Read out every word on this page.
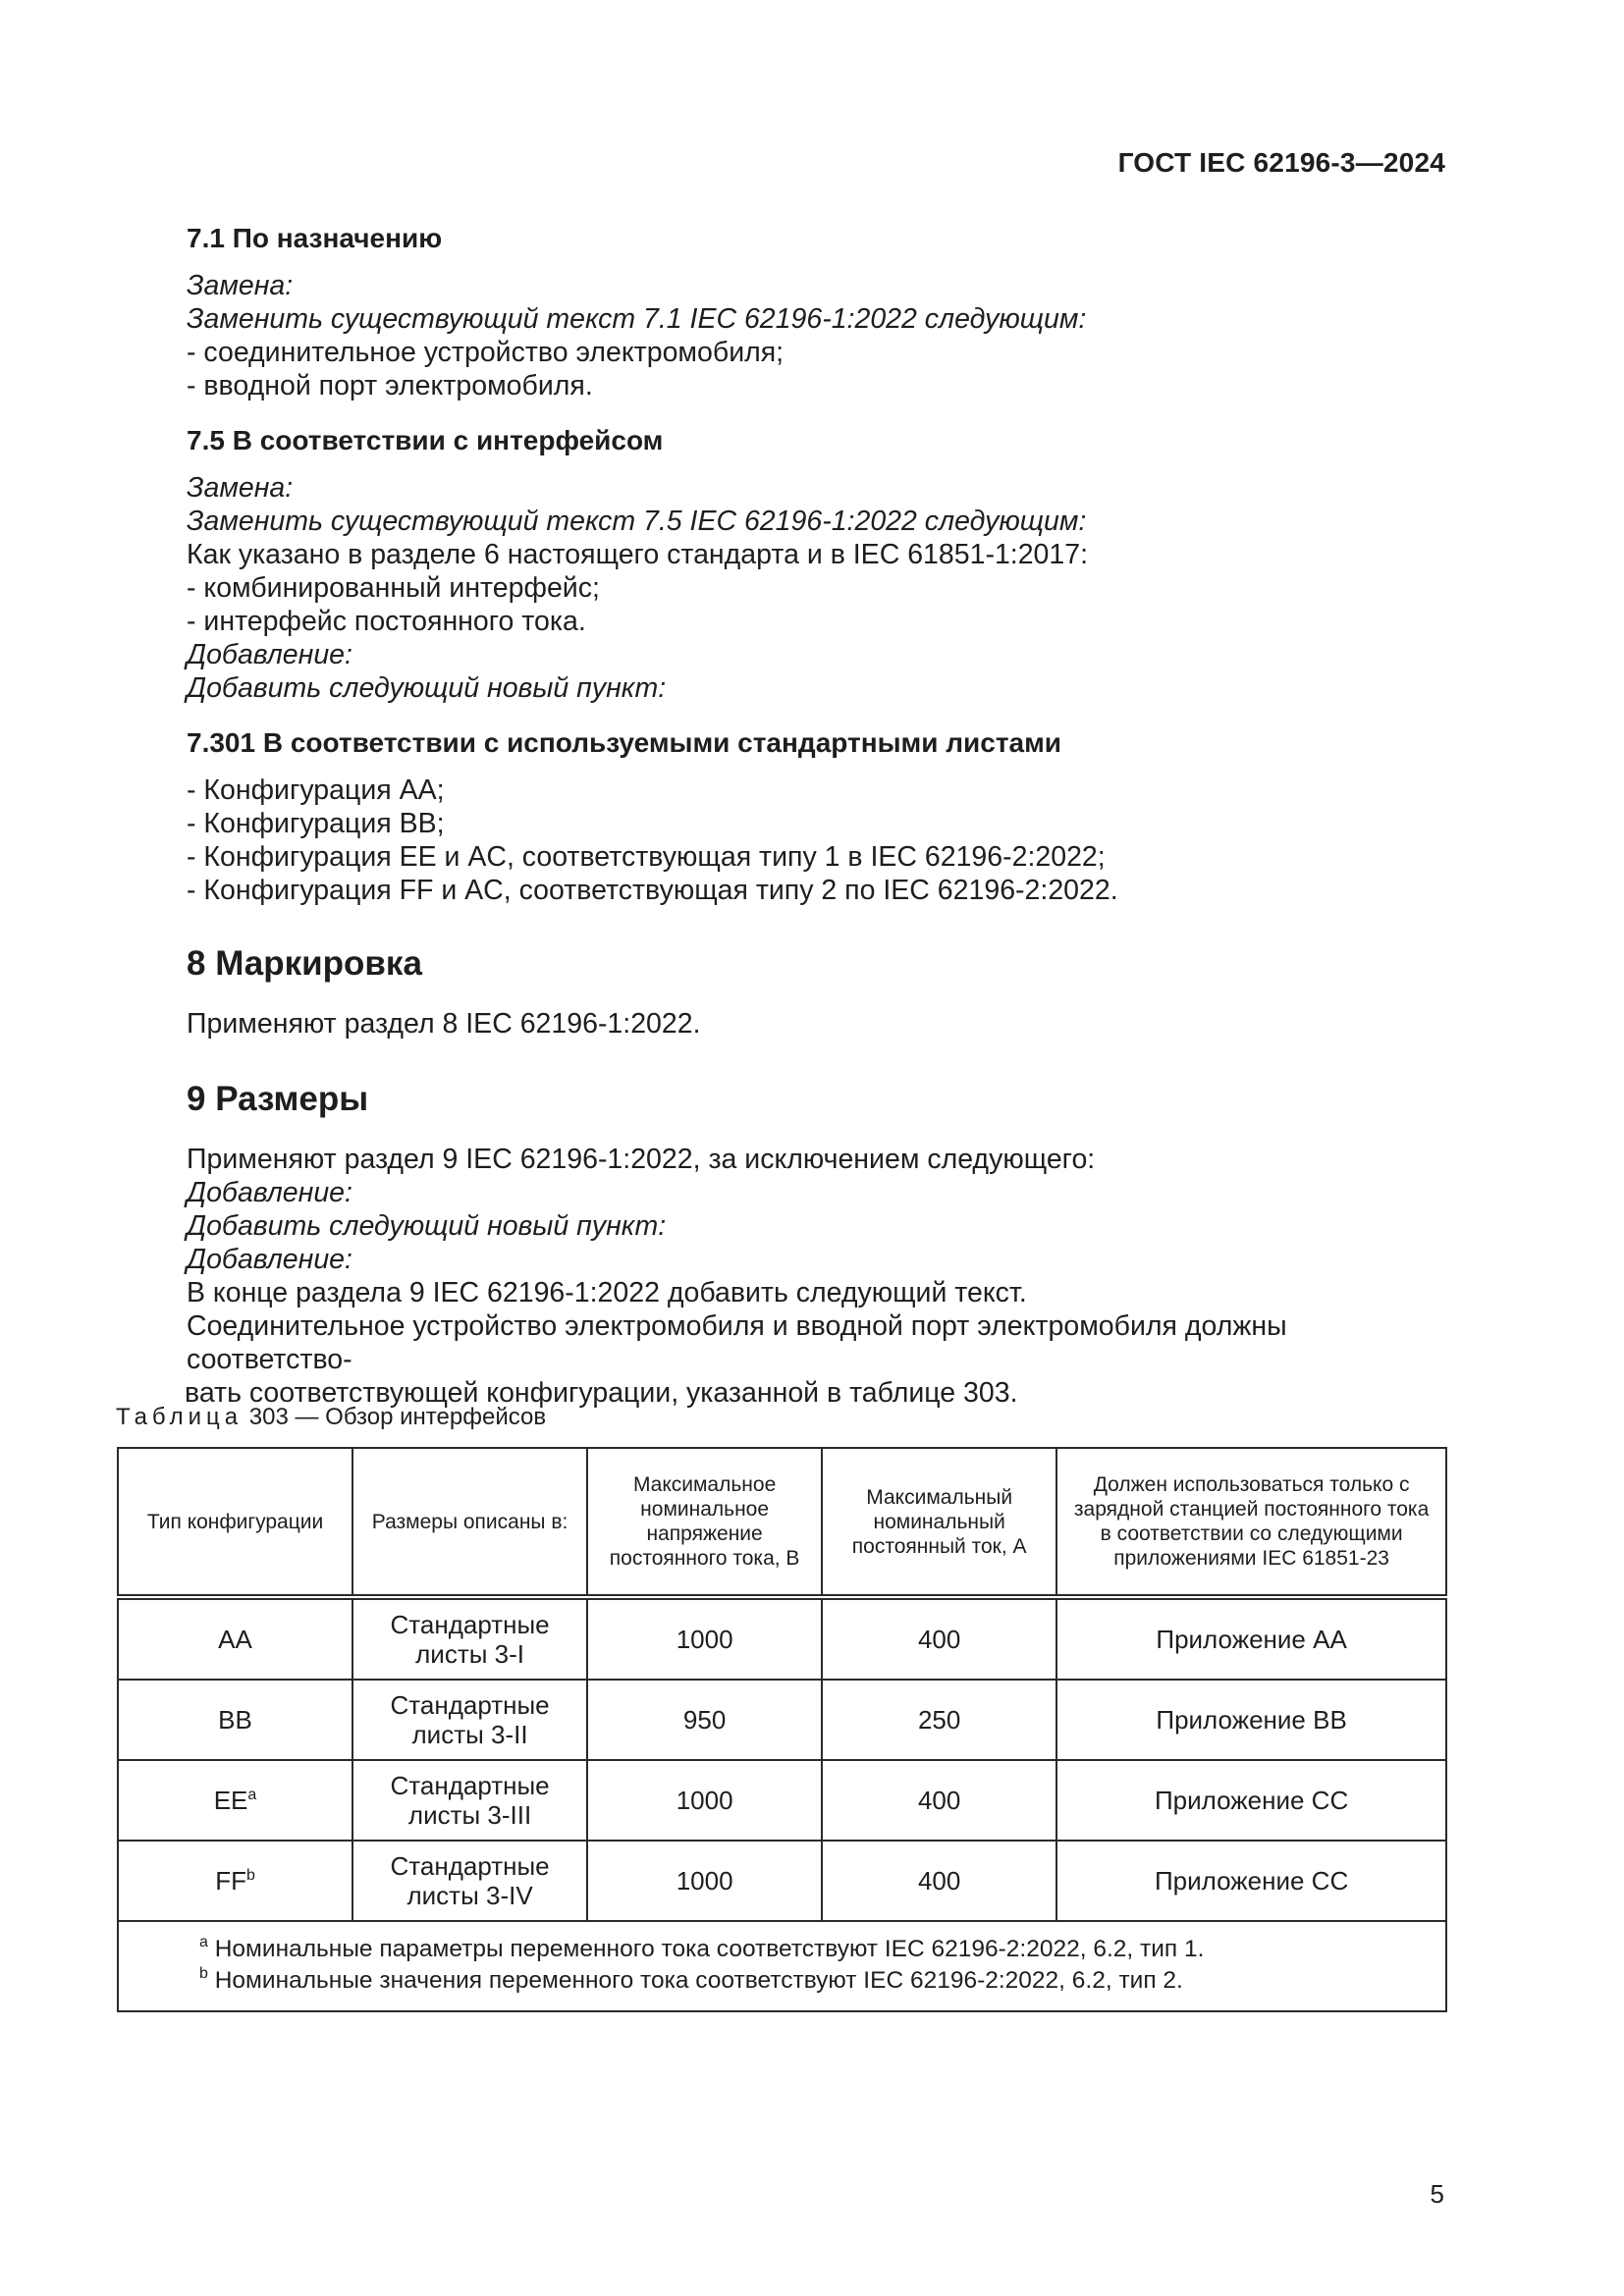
ГОСТ IEC 62196-3—2024
7.1 По назначению

Замена:

Заменить существующий текст 7.1 IEC 62196-1:2022 следующим:

- соединительное устройство электромобиля;

- вводной порт электромобиля.

7.5 В соответствии с интерфейсом

Замена:

Заменить существующий текст 7.5 IEC 62196-1:2022 следующим:

Как указано в разделе 6 настоящего стандарта и в IEC 61851-1:2017:

- комбинированный интерфейс;

- интерфейс постоянного тока.

Добавление:

Добавить следующий новый пункт:

7.301 В соответствии с используемыми стандартными листами

- Конфигурация AA;

- Конфигурация BB;

- Конфигурация EE и AC, соответствующая типу 1 в IEC 62196-2:2022;

- Конфигурация FF и AC, соответствующая типу 2 по IEC 62196-2:2022.

8 Маркировка

Применяют раздел 8 IEC 62196-1:2022.

9 Размеры

Применяют раздел 9 IEC 62196-1:2022, за исключением следующего:

Добавление:

Добавить следующий новый пункт:

Добавление:

В конце раздела 9 IEC 62196-1:2022 добавить следующий текст.

Соединительное устройство электромобиля и вводной порт электромобиля должны соответство-

вать соответствующей конфигурации, указанной в таблице 303.

Таблица 303 — Обзор интерфейсов
Тип конфигурации	Размеры описаны в:	Максимальное номинальное напряжение постоянного тока, В	Максимальный номинальный постоянный ток, А	Должен использоваться только с зарядной станцией постоянного тока в соответствии со следующими приложениями IEC 61851-23
AA	Стандартные листы 3-I	1000	400	Приложение AA
BB	Стандартные листы 3-II	950	250	Приложение BB
$EE^a$	Стандартные листы 3-III	1000	400	Приложение CC
$FF^b$	Стандартные листы 3-IV	1000	400	Приложение CC

$^a$ Номинальные параметры переменного тока соответствуют IEC 62196-2:2022, 6.2, тип 1.
$^b$ Номинальные значения переменного тока соответствуют IEC 62196-2:2022, 6.2, тип 2.				
5
